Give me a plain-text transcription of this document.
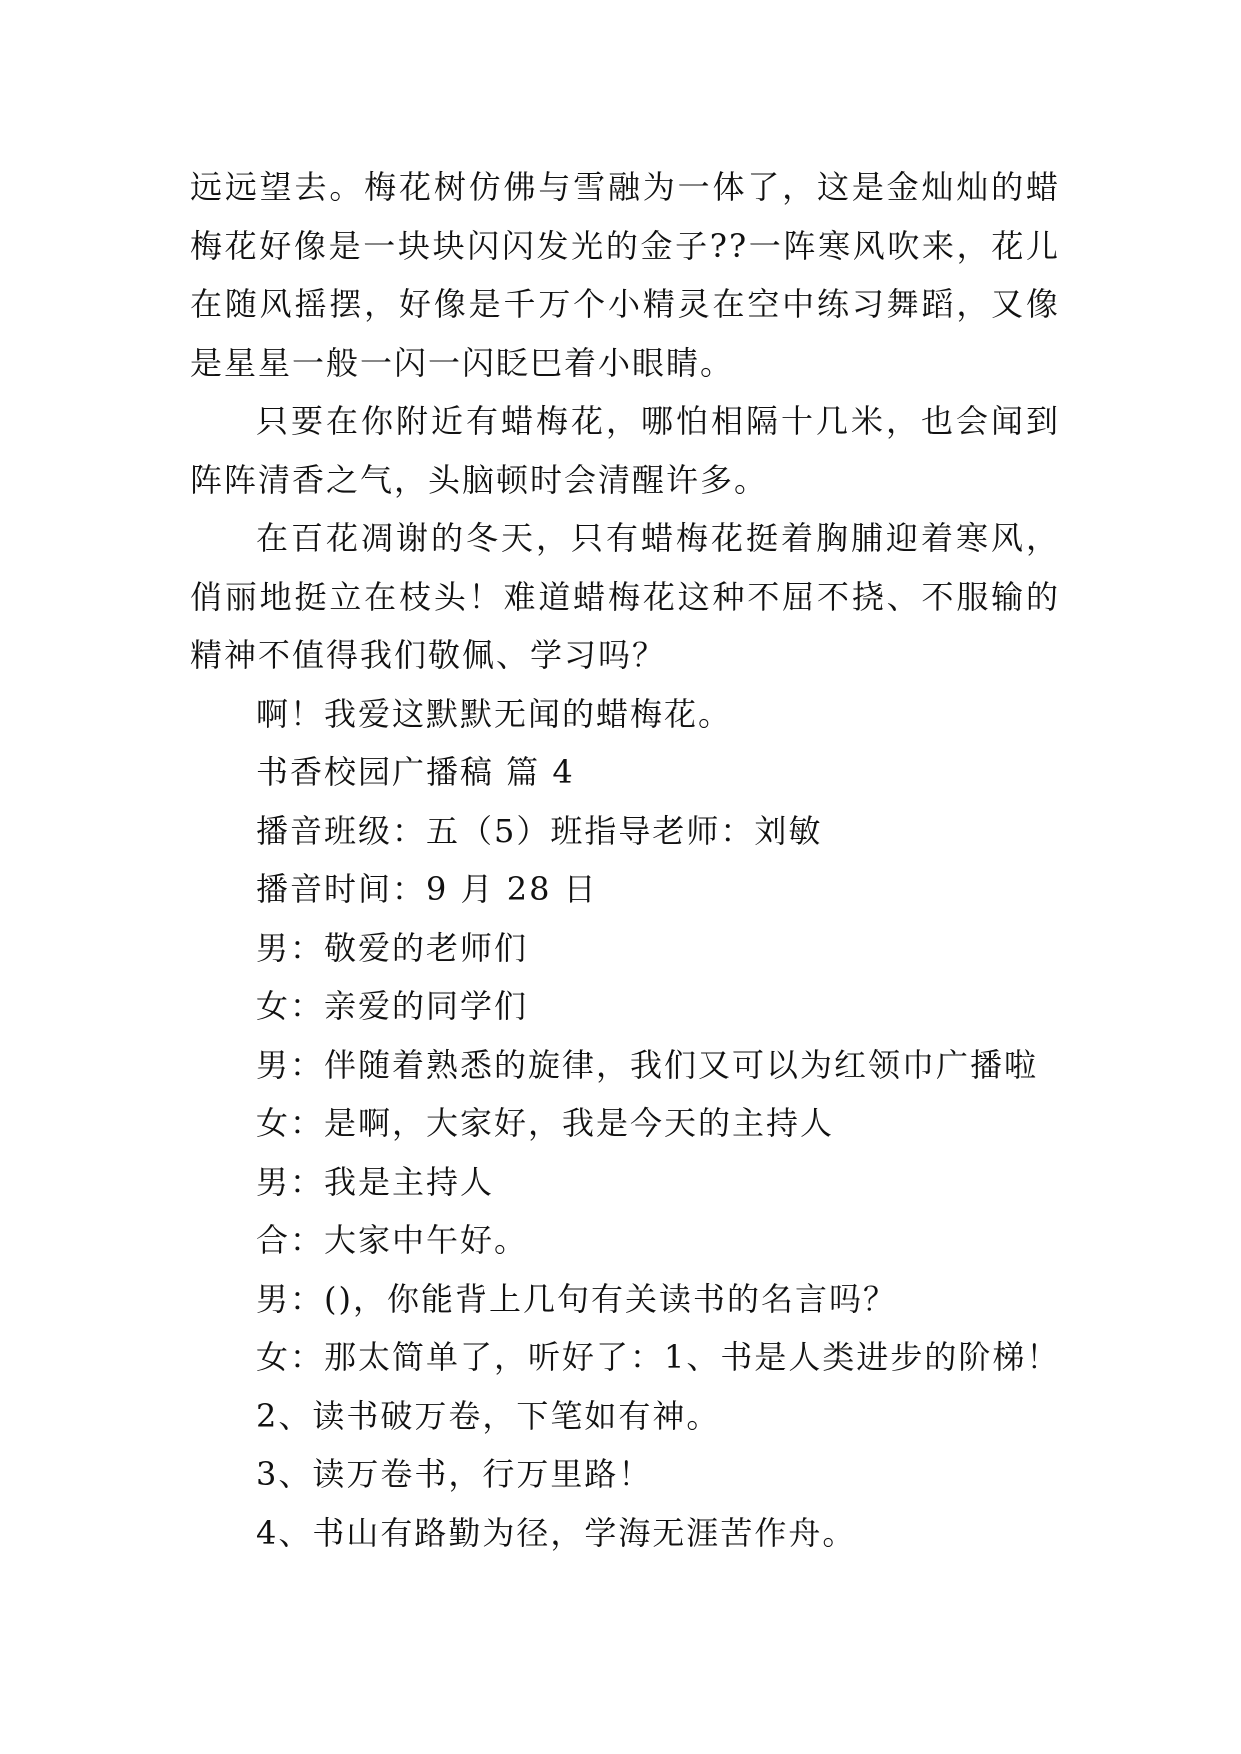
远远望去。梅花树仿佛与雪融为一体了，这是金灿灿的蜡梅花好像是一块块闪闪发光的金子??一阵寒风吹来，花儿在随风摇摆，好像是千万个小精灵在空中练习舞蹈，又像是星星一般一闪一闪眨巴着小眼睛。

只要在你附近有蜡梅花，哪怕相隔十几米，也会闻到阵阵清香之气，头脑顿时会清醒许多。

在百花凋谢的冬天，只有蜡梅花挺着胸脯迎着寒风，俏丽地挺立在枝头！难道蜡梅花这种不屈不挠、不服输的精神不值得我们敬佩、学习吗？

啊！我爱这默默无闻的蜡梅花。

书香校园广播稿 篇 4

播音班级：五（5）班指导老师：刘敏

播音时间：9 月 28 日

男：敬爱的老师们

女：亲爱的同学们

男：伴随着熟悉的旋律，我们又可以为红领巾广播啦

女：是啊，大家好，我是今天的主持人

男：我是主持人

合：大家中午好。

男：()，你能背上几句有关读书的名言吗？

女：那太简单了，听好了：1、书是人类进步的阶梯！

2、读书破万卷，下笔如有神。

3、读万卷书，行万里路！

4、书山有路勤为径，学海无涯苦作舟。
